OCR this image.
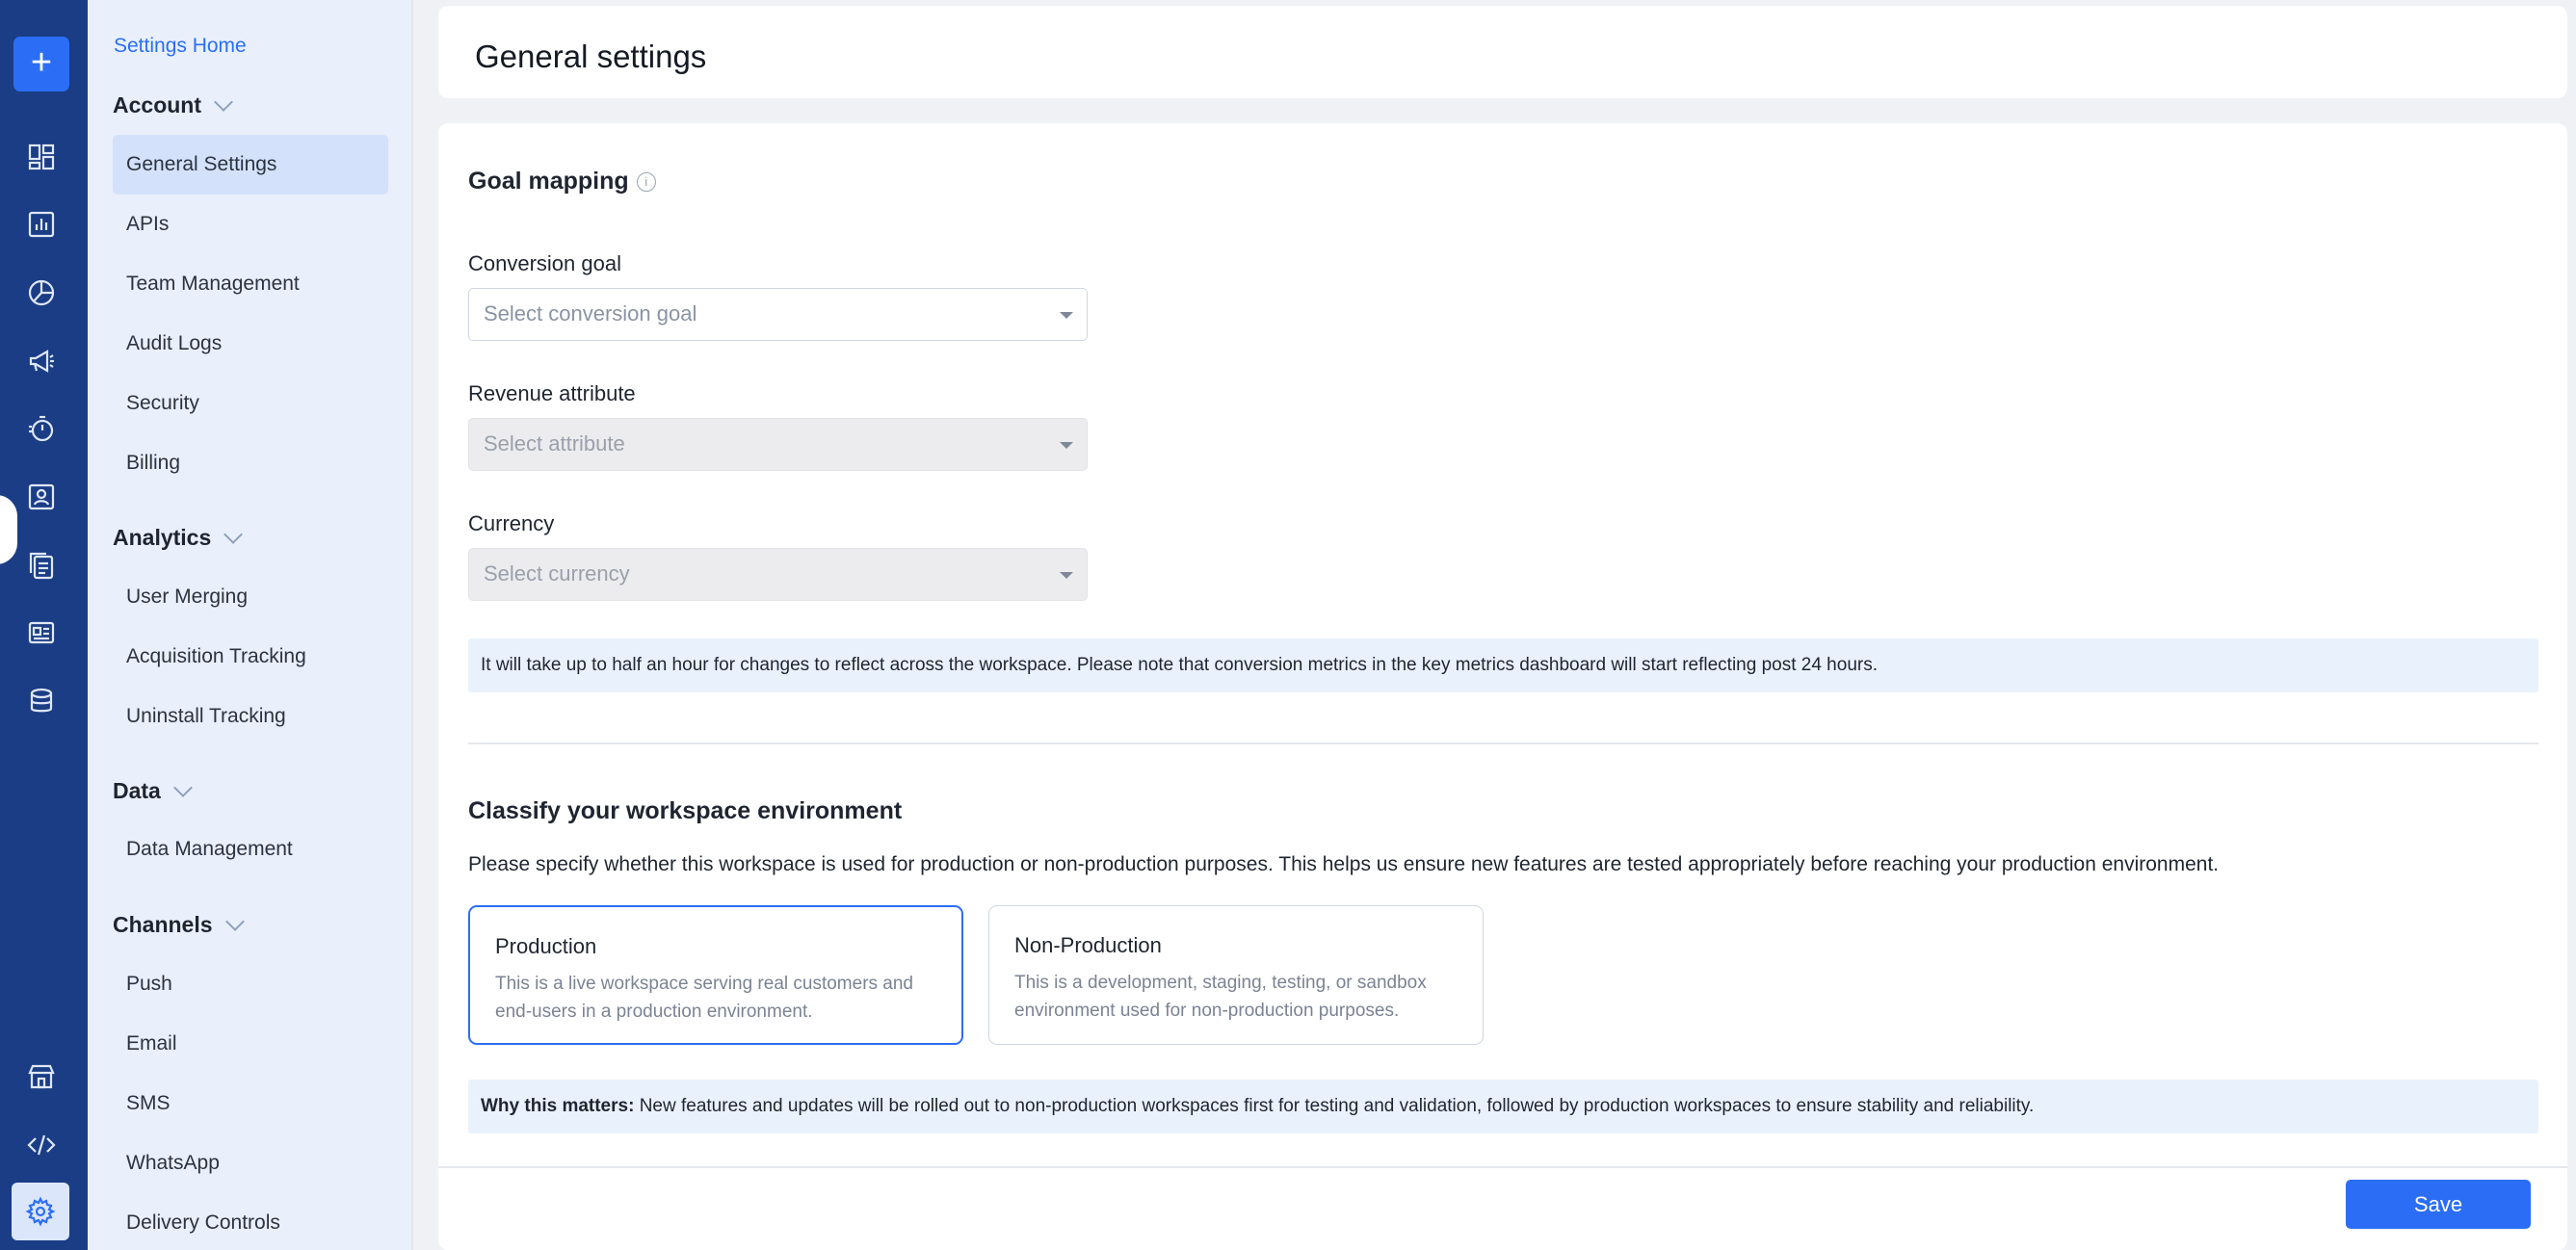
+	Settings Home
Account
General Settings
APIs
Team Management
Audit Logs
Security
Billing
Analytics
User Merging
Acquisition Tracking
Uninstall Tracking
Data
Data Management
Channels
Push
Email
SMS
WhatsApp
Delivery Controls
General settings
Goal mapping i
Conversion goal
Select conversion goal
Revenue attribute
Select attribute
Currency
Select currency
It will take up to half an hour for changes to reflect across the workspace. Please note that conversion metrics in the key metrics dashboard will start reflecting post 24 hours.
Classify your workspace environment
Please specify whether this workspace is used for production or non-production purposes. This helps us ensure new features are tested appropriately before reaching your production environment.
Production
This is a live workspace serving real customers and
end-users in a production environment.
Non-Production
This is a development, staging, testing, or sandbox
environment used for non-production purposes.
Why this matters: New features and updates will be rolled out to non-production workspaces first for testing and validation, followed by production workspaces to ensure stability and reliability.
Save
